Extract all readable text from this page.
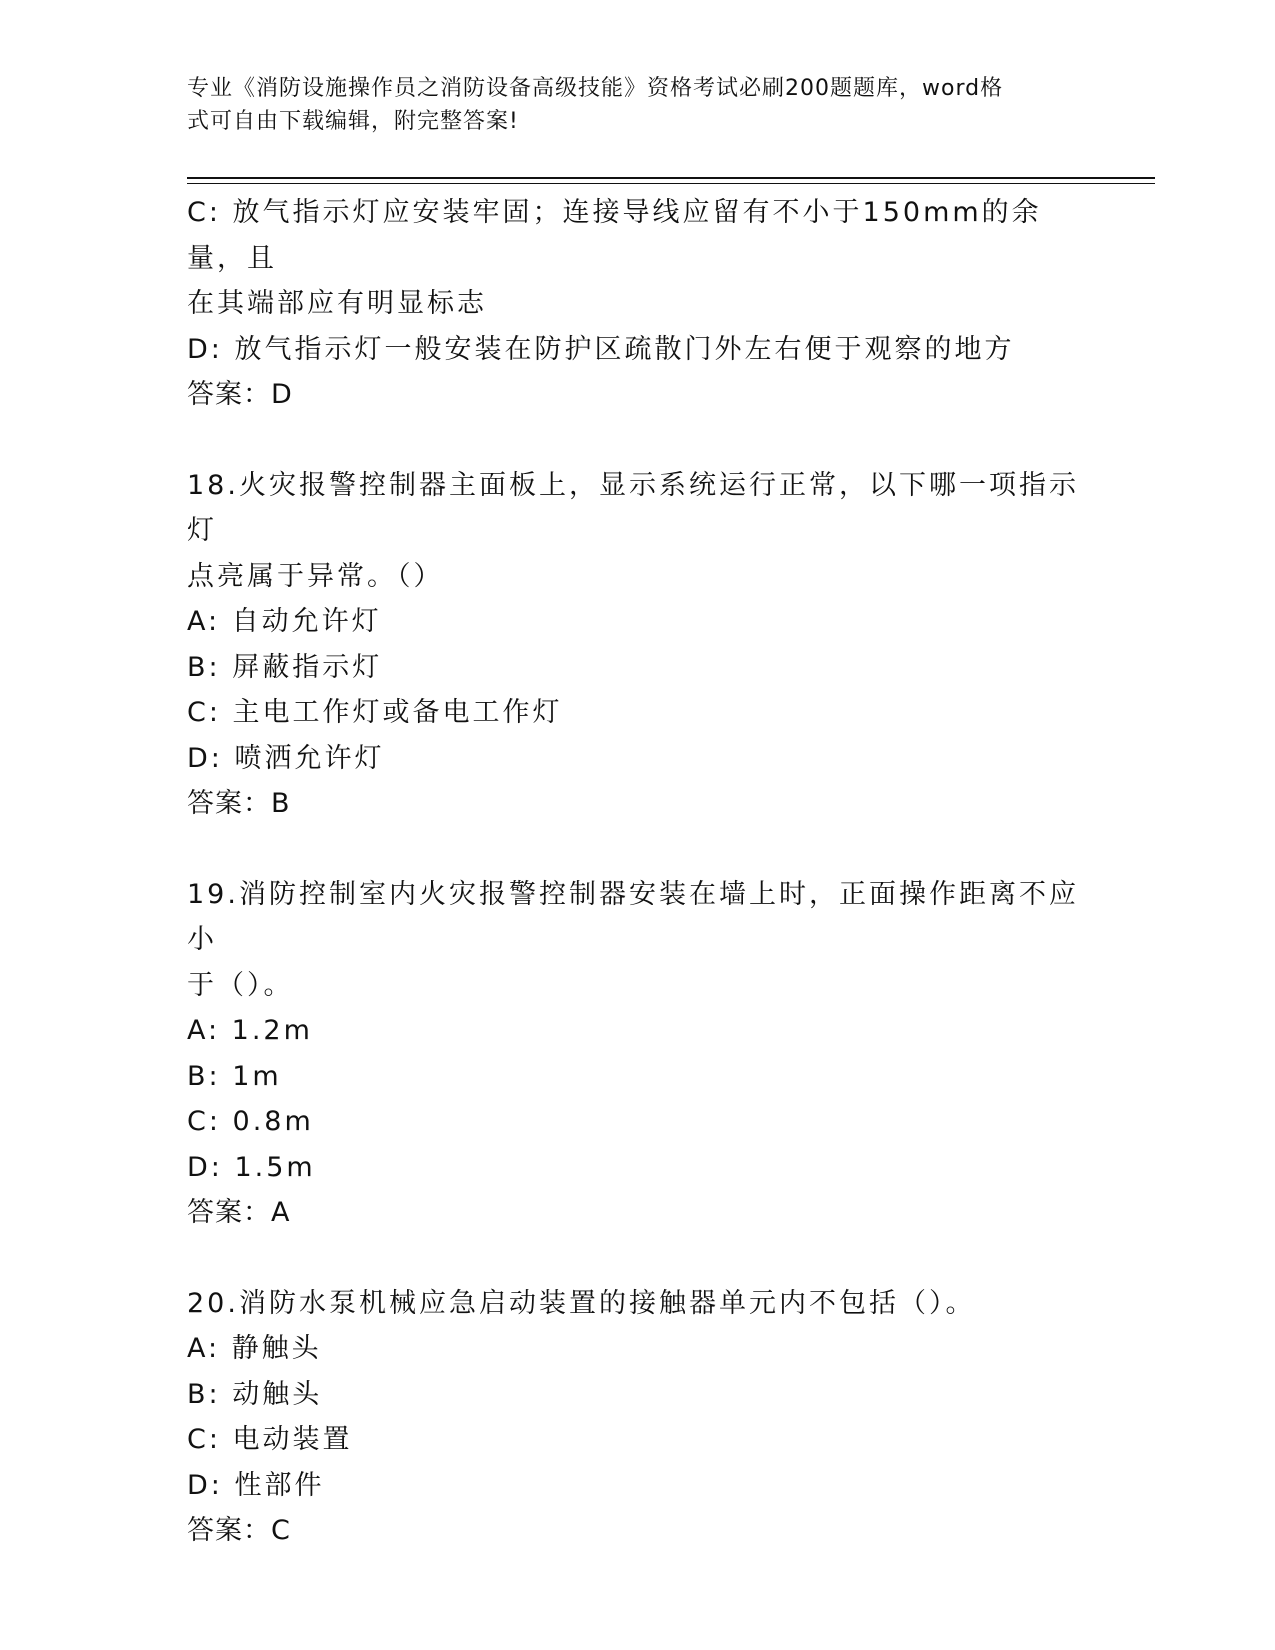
专业《消防设施操作员之消防设备高级技能》资格考试必刷200题题库，word格
式可自由下载编辑，附完整答案!
C: 放气指示灯应安装牢固；连接导线应留有不小于150mm的余量，且
在其端部应有明显标志
D: 放气指示灯一般安装在防护区疏散门外左右便于观察的地方
答案：D
18.火灾报警控制器主面板上，显示系统运行正常，以下哪一项指示灯
点亮属于异常。（）
A: 自动允许灯
B: 屏蔽指示灯
C: 主电工作灯或备电工作灯
D: 喷洒允许灯
答案：B
19.消防控制室内火灾报警控制器安装在墙上时，正面操作距离不应小
于（）。
A: 1.2m
B: 1m
C: 0.8m
D: 1.5m
答案：A
20.消防水泵机械应急启动装置的接触器单元内不包括（）。
A: 静触头
B: 动触头
C: 电动装置
D: 性部件
答案：C
